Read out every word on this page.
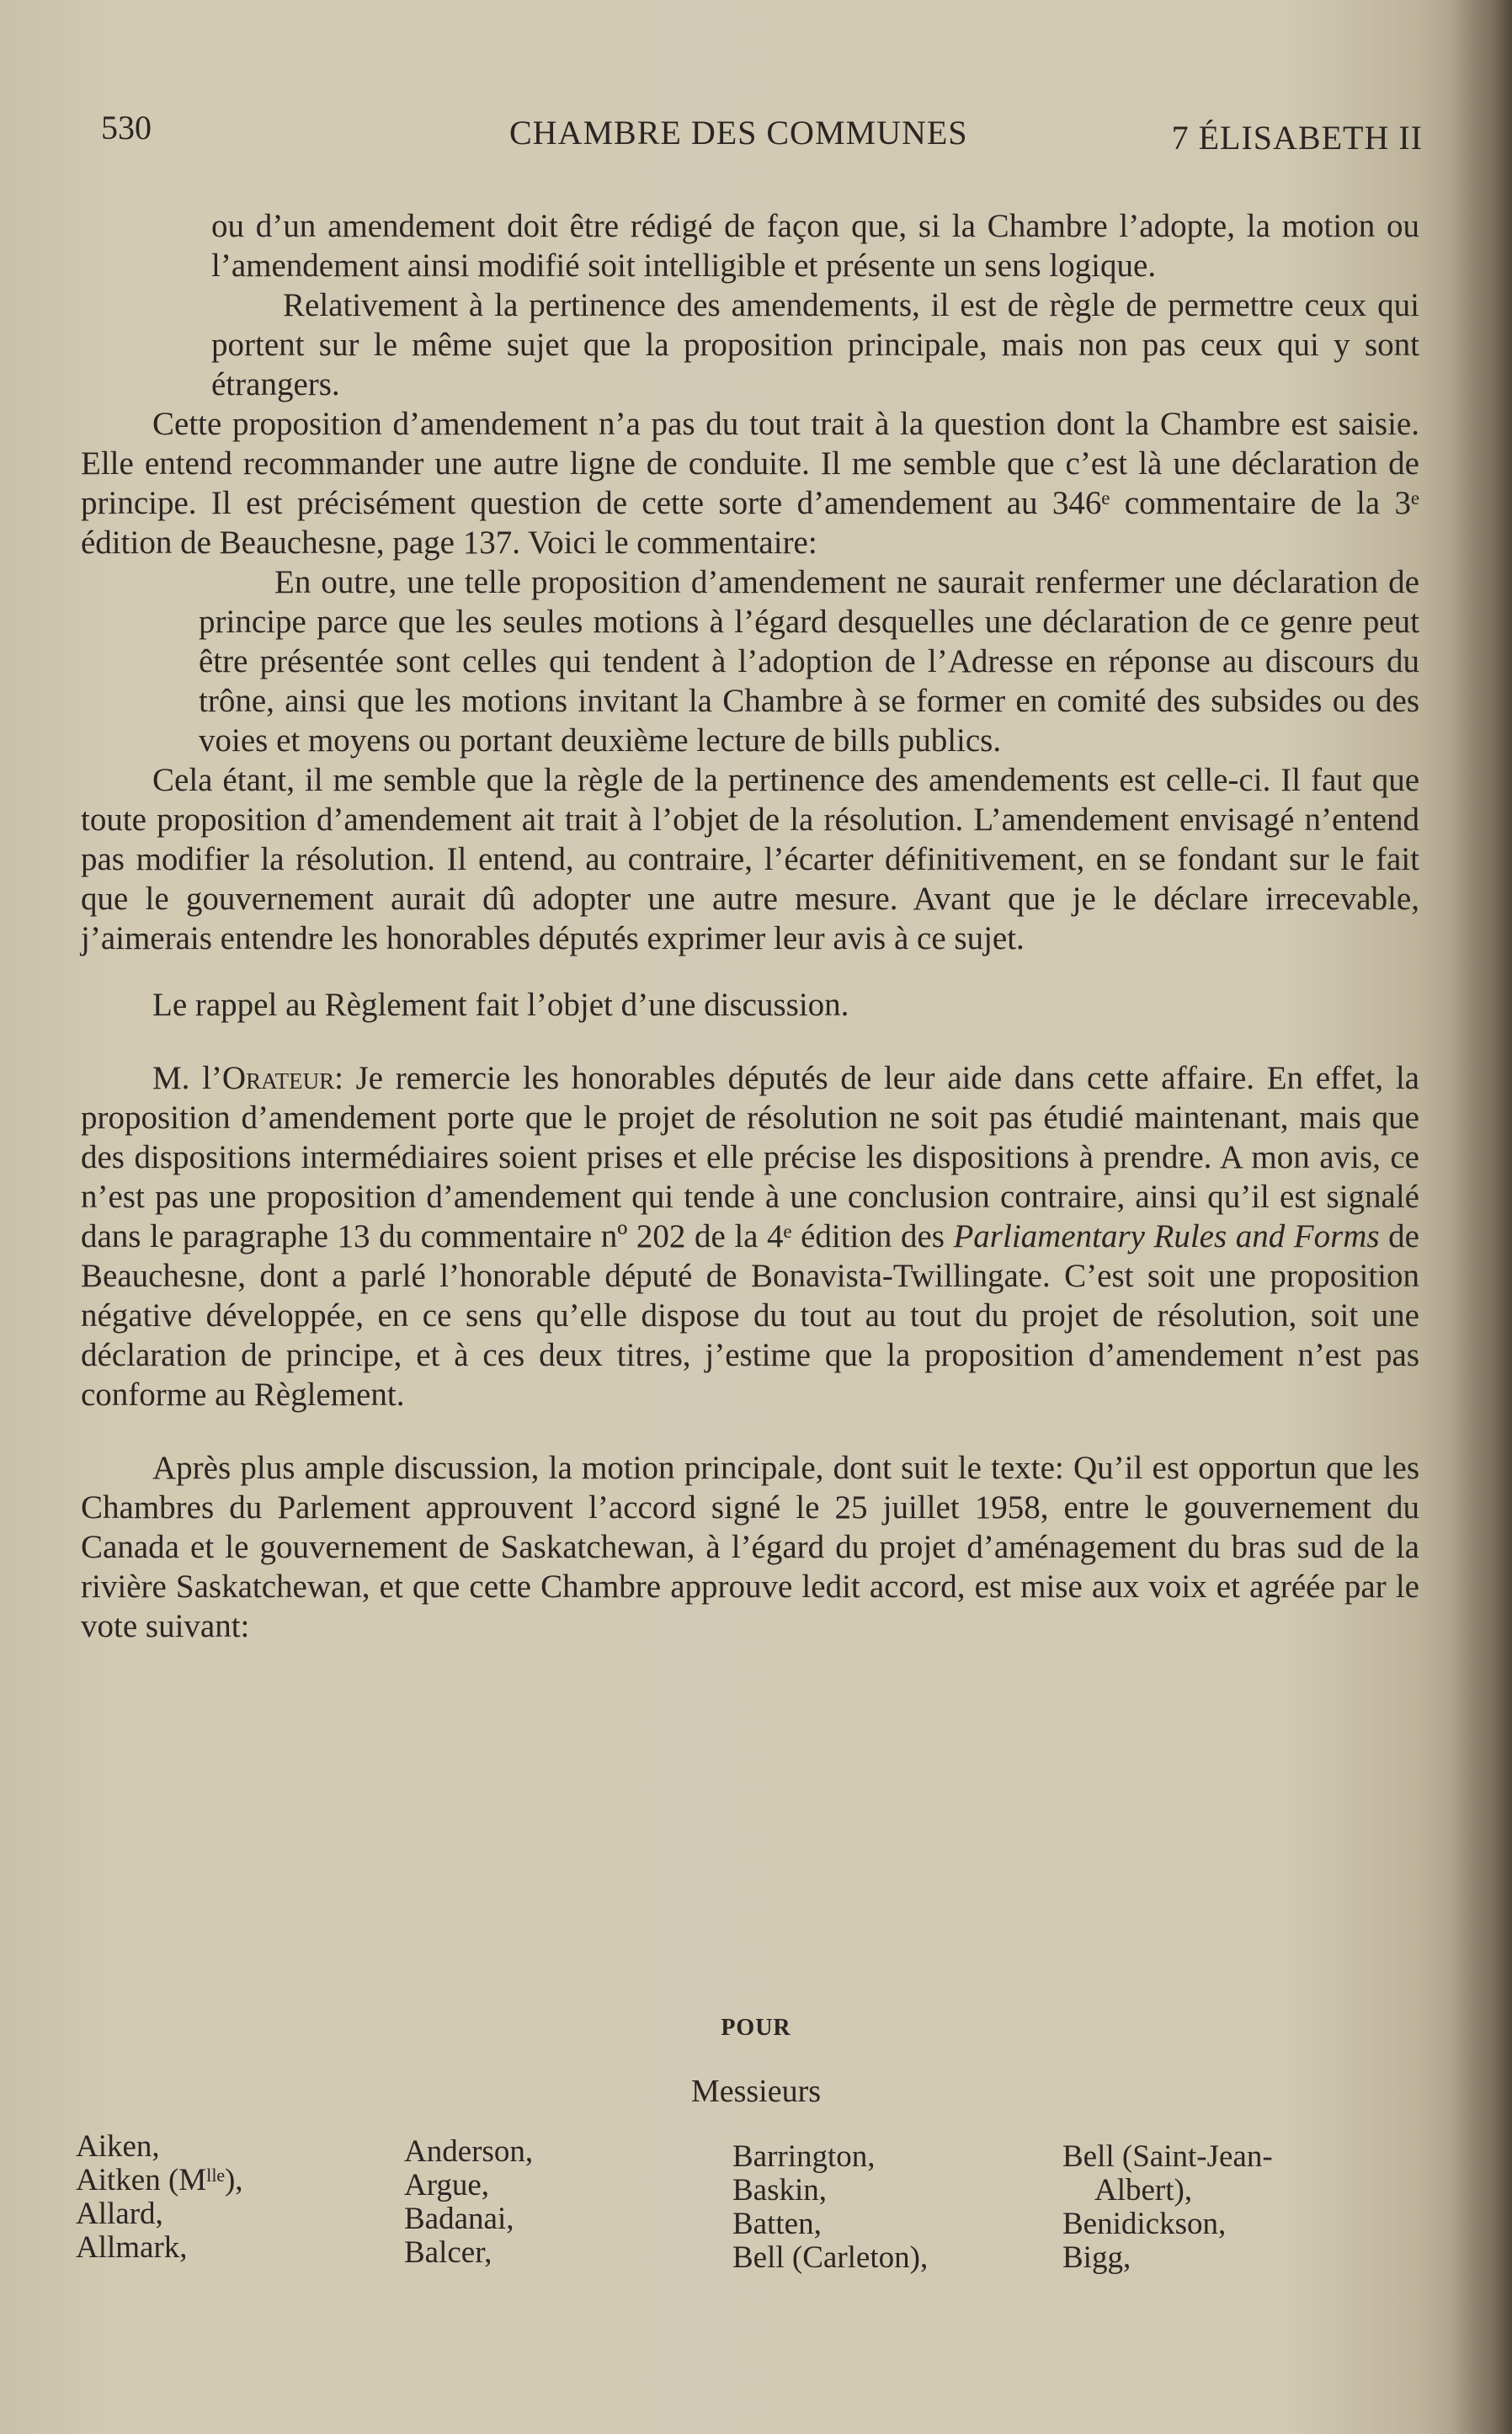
530	CHAMBRE DES COMMUNES	7 ÉLISABETH II

ou d’un amendement doit être rédigé de façon que, si la Chambre l’adopte, la motion ou l’amendement ainsi modifié soit intelligible et présente un sens logique.

Relativement à la pertinence des amendements, il est de règle de permettre ceux qui portent sur le même sujet que la proposition principale, mais non pas ceux qui y sont étrangers.

Cette proposition d’amendement n’a pas du tout trait à la question dont la Chambre est saisie. Elle entend recommander une autre ligne de conduite. Il me semble que c’est là une déclaration de principe. Il est précisément question de cette sorte d’amendement au 346ᵉ commentaire de la 3ᵉ édition de Beauchesne, page 137. Voici le commentaire:

En outre, une telle proposition d’amendement ne saurait renfermer une déclaration de principe parce que les seules motions à l’égard desquelles une déclaration de ce genre peut être présentée sont celles qui tendent à l’adoption de l’Adresse en réponse au discours du trône, ainsi que les motions invitant la Chambre à se former en comité des subsides ou des voies et moyens ou portant deuxième lecture de bills publics.

Cela étant, il me semble que la règle de la pertinence des amendements est celle-ci. Il faut que toute proposition d’amendement ait trait à l’objet de la résolution. L’amendement envisagé n’entend pas modifier la résolution. Il entend, au contraire, l’écarter définitivement, en se fondant sur le fait que le gouvernement aurait dû adopter une autre mesure. Avant que je le déclare irrecevable, j’aimerais entendre les honorables députés exprimer leur avis à ce sujet.

Le rappel au Règlement fait l’objet d’une discussion.

M. l’Orateur: Je remercie les honorables députés de leur aide dans cette affaire. En effet, la proposition d’amendement porte que le projet de résolution ne soit pas étudié maintenant, mais que des dispositions intermédiaires soient prises et elle précise les dispositions à prendre. A mon avis, ce n’est pas une proposition d’amendement qui tende à une conclusion contraire, ainsi qu’il est signalé dans le paragraphe 13 du commentaire nº 202 de la 4ᵉ édition des Parliamentary Rules and Forms de Beauchesne, dont a parlé l’honorable député de Bonavista-Twillingate. C’est soit une proposition négative développée, en ce sens qu’elle dispose du tout au tout du projet de résolution, soit une déclaration de principe, et à ces deux titres, j’estime que la proposition d’amendement n’est pas conforme au Règlement.

Après plus ample discussion, la motion principale, dont suit le texte: Qu’il est opportun que les Chambres du Parlement approuvent l’accord signé le 25 juillet 1958, entre le gouvernement du Canada et le gouvernement de Saskatchewan, à l’égard du projet d’aménagement du bras sud de la rivière Saskatchewan, et que cette Chambre approuve ledit accord, est mise aux voix et agréée par le vote suivant:

POUR
Messieurs
Aiken,
Aitken (Mˡˡᵉ),
Allard,
Allmark,
Anderson,
Argue,
Badanai,
Balcer,
Barrington,
Baskin,
Batten,
Bell (Carleton),
Bell (Saint-Jean-
Albert),
Benidickson,
Bigg,
